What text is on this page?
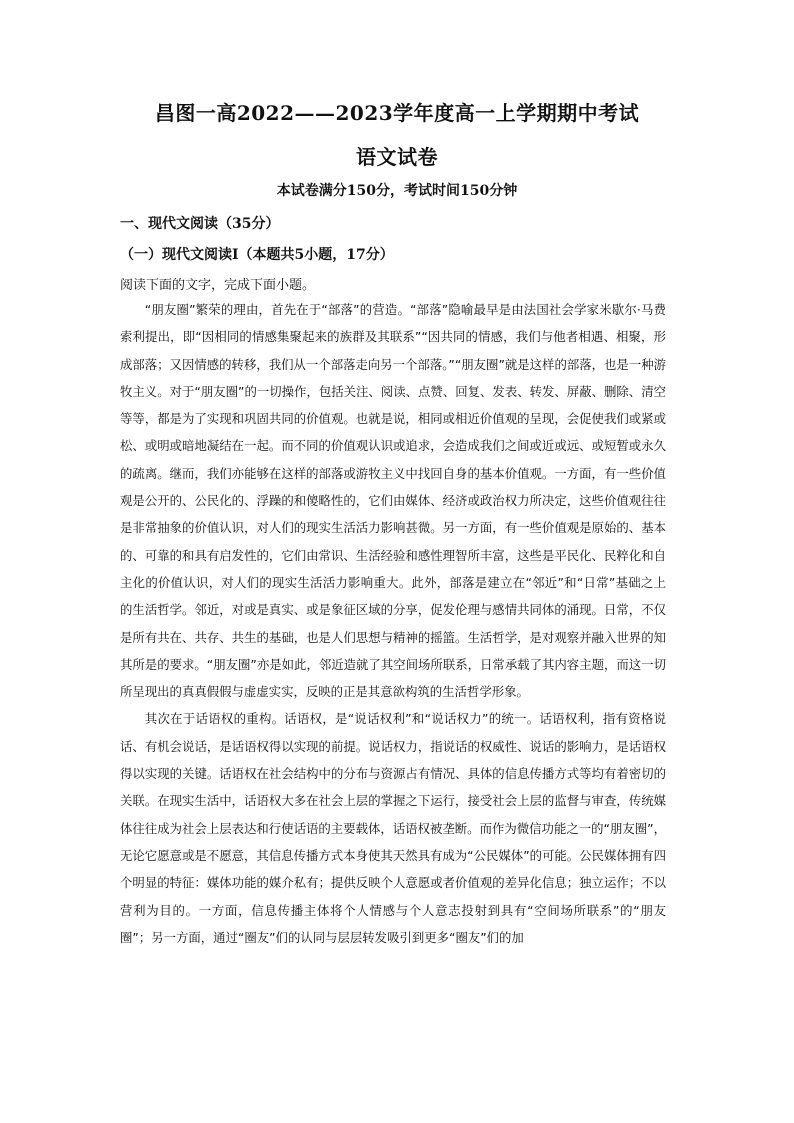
昌图一高2022——2023学年度高一上学期期中考试
语文试卷
本试卷满分150分，考试时间150分钟
一、现代文阅读（35分）
（一）现代文阅读Ⅰ（本题共5小题，17分）
阅读下面的文字，完成下面小题。

“朋友圈”繁荣的理由，首先在于“部落”的营造。“部落”隐喻最早是由法国社会学家米歇尔·马费索利提出，即“因相同的情感集聚起来的族群及其联系”“因共同的情感，我们与他者相遇、相聚，形成部落；又因情感的转移，我们从一个部落走向另一个部落。”“朋友圈”就是这样的部落，也是一种游牧主义。对于“朋友圈”的一切操作，包括关注、阅读、点赞、回复、发表、转发、屏蔽、删除、清空等等，都是为了实现和巩固共同的价值观。也就是说，相同或相近价值观的呈现，会促使我们或紧或松、或明或暗地凝结在一起。而不同的价值观认识或追求，会造成我们之间或近或远、或短暂或永久的疏离。继而，我们亦能够在这样的部落或游牧主义中找回自身的基本价值观。一方面，有一些价值观是公开的、公民化的、浮躁的和傻略性的，它们由媒体、经济或政治权力所决定，这些价值观往往是非常抽象的价值认识，对人们的现实生活活力影响甚微。另一方面，有一些价值观是原始的、基本的、可靠的和具有启发性的，它们由常识、生活经验和感性理智所丰富，这些是平民化、民粹化和自主化的价值认识，对人们的现实生活活力影响重大。此外，部落是建立在“邻近”和“日常”基础之上的生活哲学。邻近，对或是真实、或是象征区域的分享，促发伦理与感情共同体的涌现。日常，不仅是所有共在、共存、共生的基础，也是人们思想与精神的摇篮。生活哲学，是对观察并融入世界的知其所是的要求。“朋友圈”亦是如此，邻近造就了其空间场所联系，日常承载了其内容主题，而这一切所呈现出的真真假假与虚虚实实，反映的正是其意欲构筑的生活哲学形象。

其次在于话语权的重构。话语权，是“说话权利”和“说话权力”的统一。话语权利，指有资格说话、有机会说话，是话语权得以实现的前提。说话权力，指说话的权威性、说话的影响力，是话语权得以实现的关键。话语权在社会结构中的分布与资源占有情况、具体的信息传播方式等均有着密切的关联。在现实生活中，话语权大多在社会上层的掌握之下运行，接受社会上层的监督与审查，传统媒体往往成为社会上层表达和行使话语的主要载体，话语权被垄断。而作为微信功能之一的“朋友圈”，无论它愿意或是不愿意，其信息传播方式本身使其天然具有成为“公民媒体”的可能。公民媒体拥有四个明显的特征：媒体功能的媒介私有；提供反映个人意愿或者价值观的差异化信息；独立运作；不以营利为目的。一方面，信息传播主体将个人情感与个人意志投射到具有“空间场所联系”的“朋友圈”；另一方面，通过“圈友”们的认同与层层转发吸引到更多“圈友”们的加
